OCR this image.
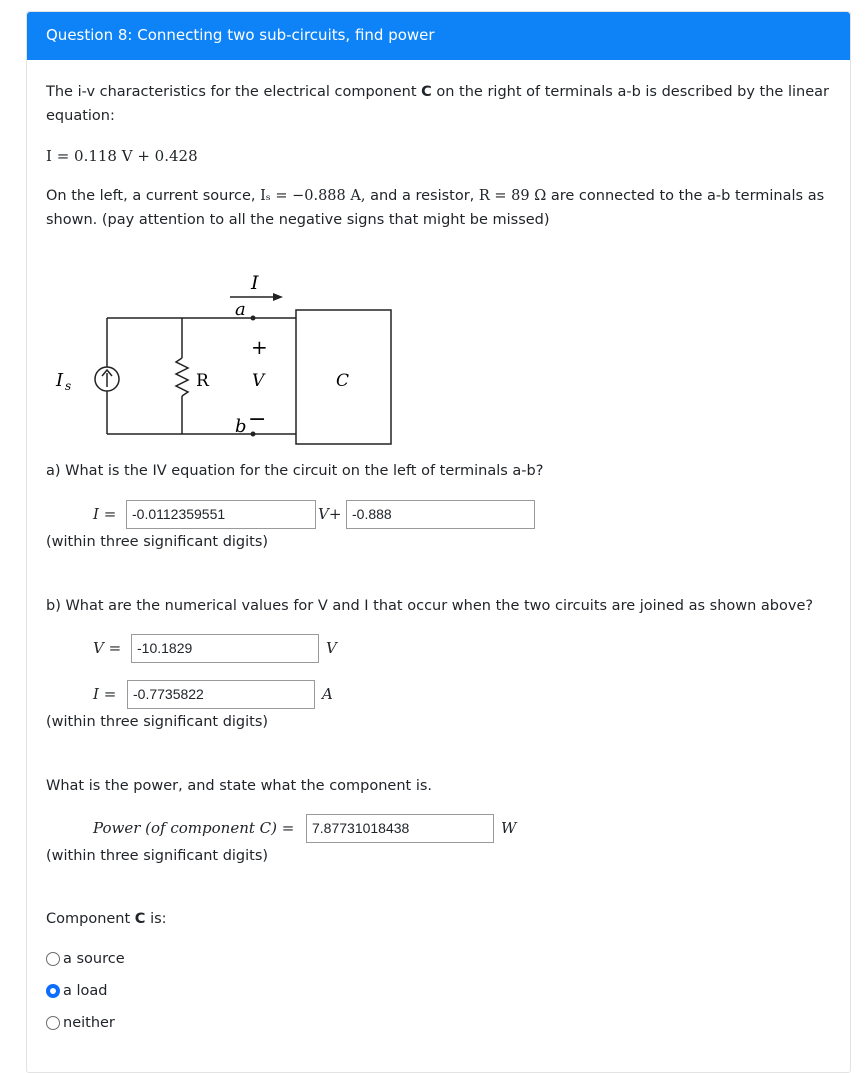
Question 8: Connecting two sub-circuits, find power
The i-v characteristics for the electrical component C on the right of terminals a-b is described by the linear
equation:
I = 0.118 V + 0.428
On the left, a current source, Iₛ = −0.888 A, and a resistor, R = 89 Ω are connected to the a-b terminals as
shown. (pay attention to all the negative signs that might be missed)
I
a
+
V
b −
I s	R	C
a) What is the IV equation for the circuit on the left of terminals a-b?
I =	-0.0112359551	V+ -0.888
(within three significant digits)
b) What are the numerical values for V and I that occur when the two circuits are joined as shown above?
V =	-10.1829	V
I =	-0.7735822	A
(within three significant digits)
What is the power, and state what the component is.
Power (of component C) =	7.87731018438	W
(within three significant digits)
Component C is:
a source
a load
neither
